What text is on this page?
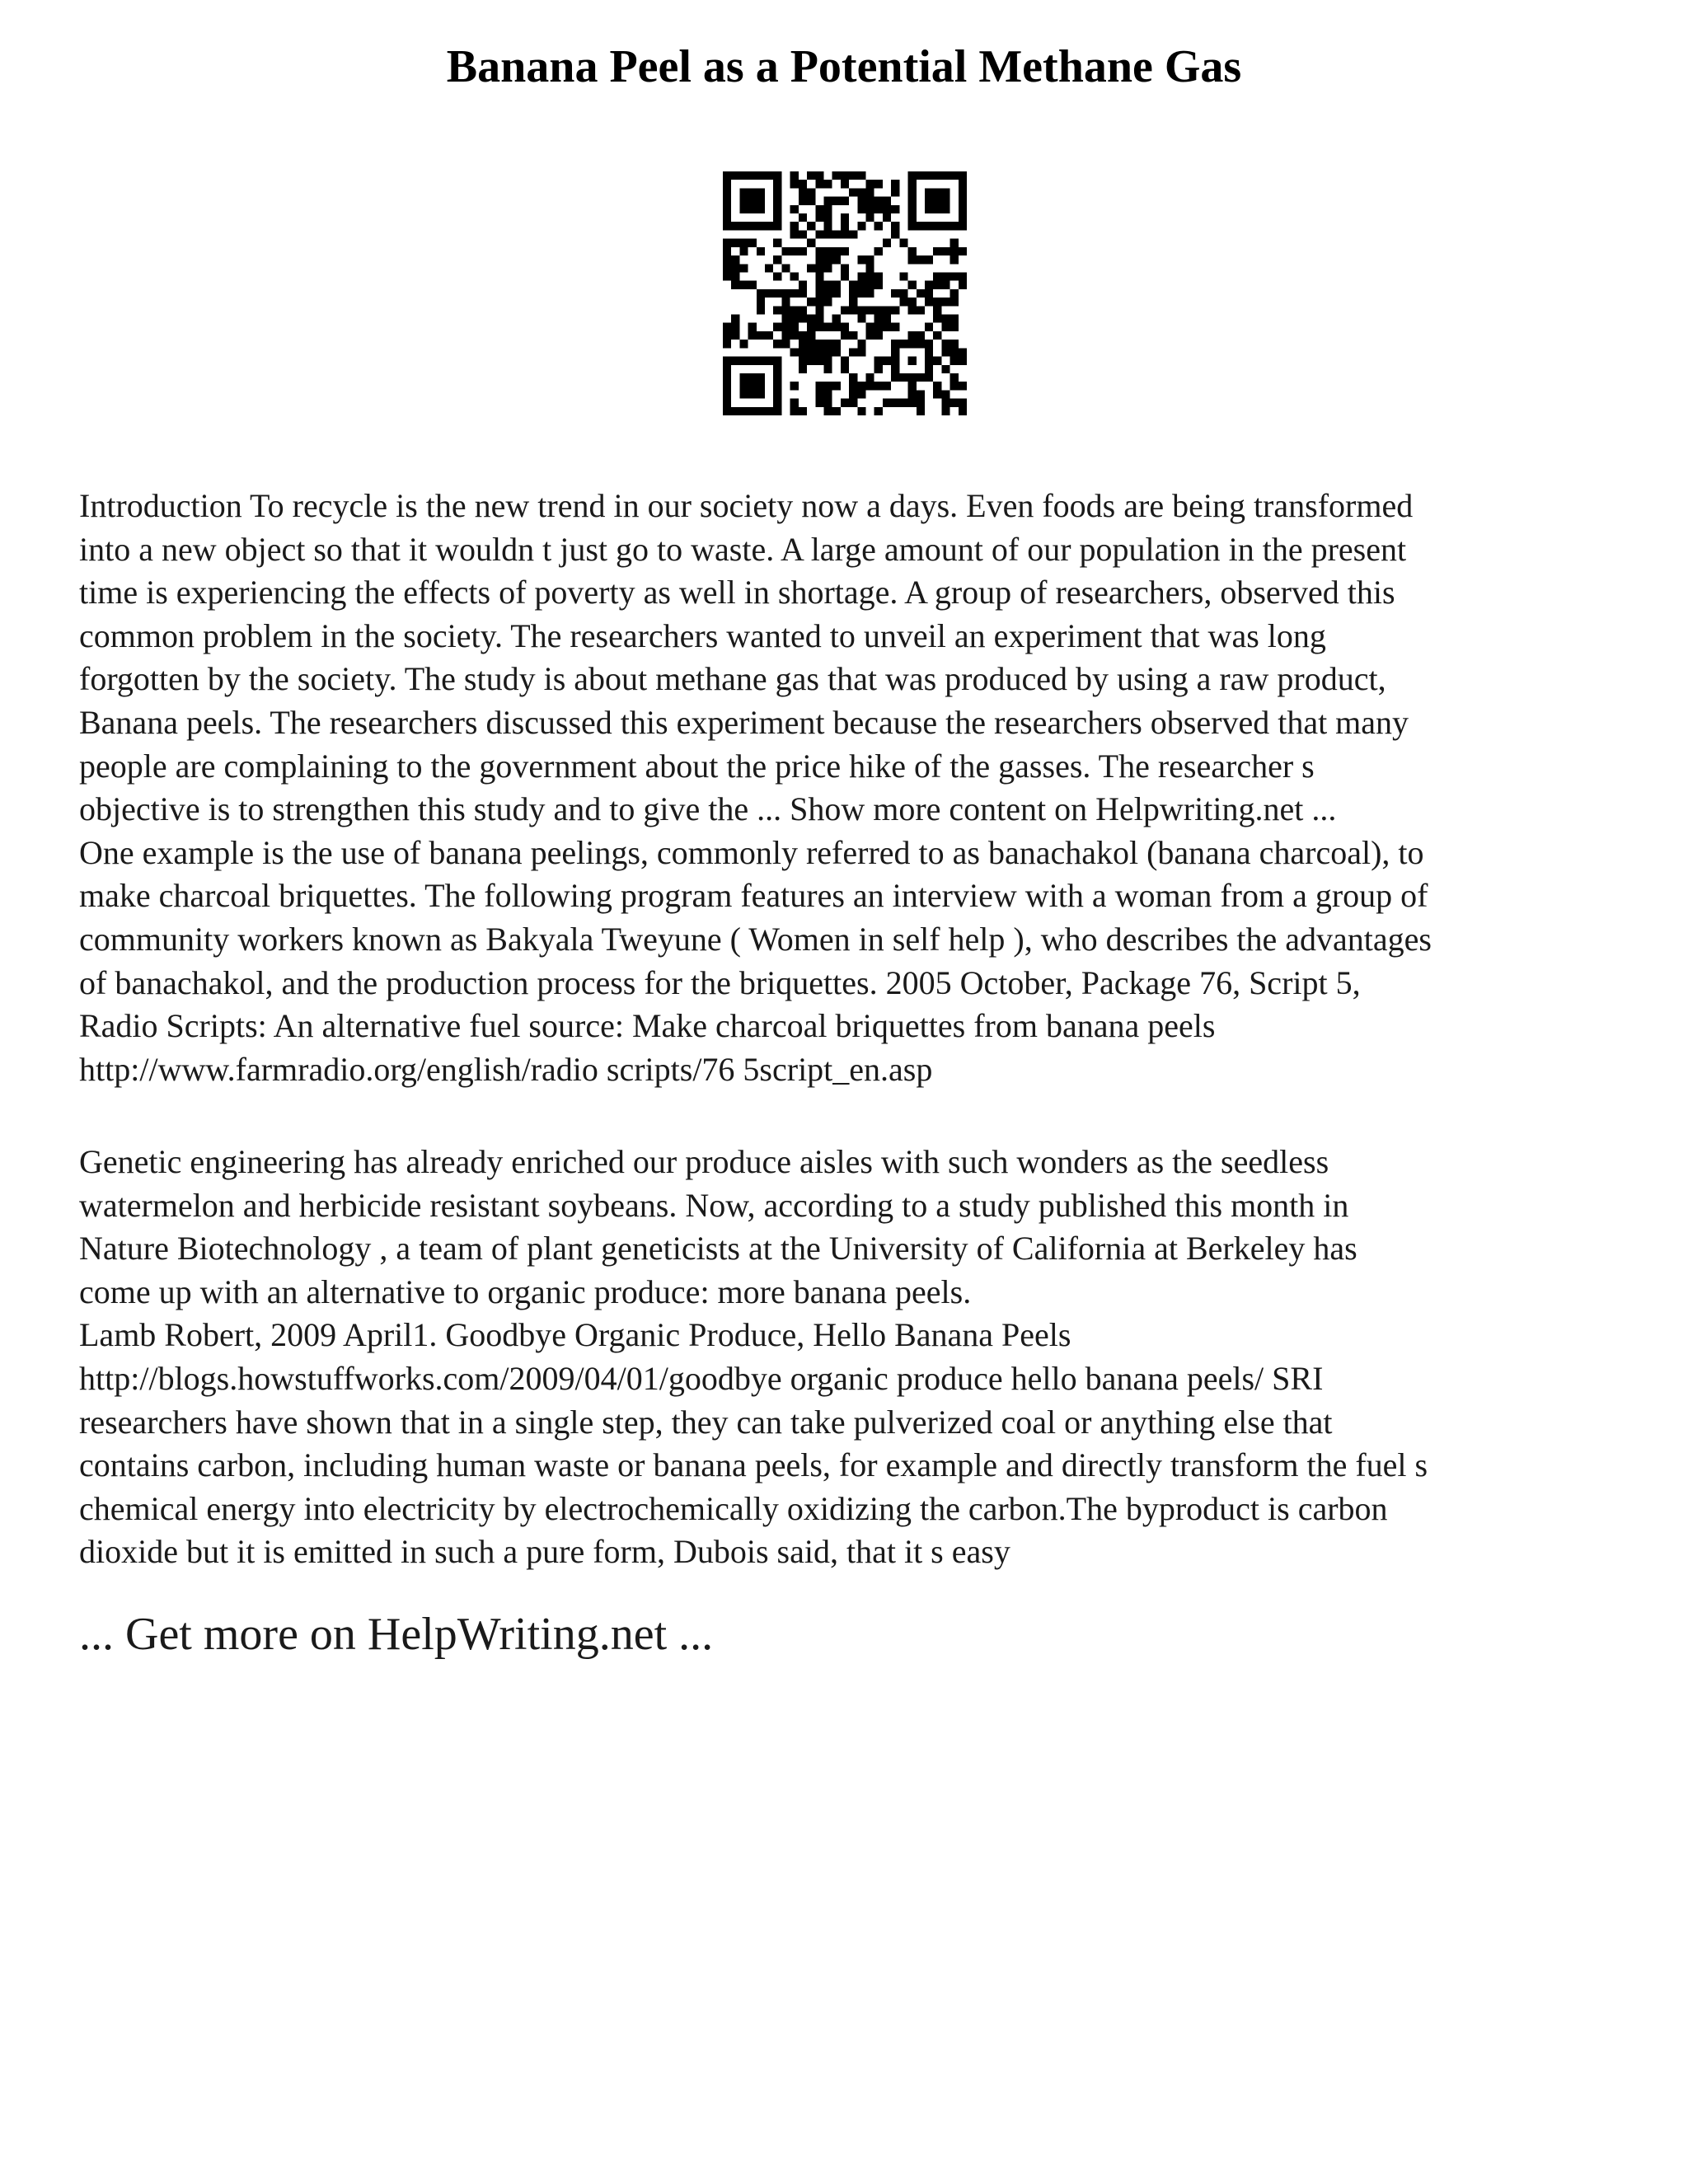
Banana Peel as a Potential Methane Gas
Introduction To recycle is the new trend in our society now a days. Even foods are being transformed
into a new object so that it wouldn t just go to waste. A large amount of our population in the present
time is experiencing the effects of poverty as well in shortage. A group of researchers, observed this
common problem in the society. The researchers wanted to unveil an experiment that was long
forgotten by the society. The study is about methane gas that was produced by using a raw product,
Banana peels. The researchers discussed this experiment because the researchers observed that many
people are complaining to the government about the price hike of the gasses. The researcher s
objective is to strengthen this study and to give the ... Show more content on Helpwriting.net ...
One example is the use of banana peelings, commonly referred to as banachakol (banana charcoal), to
make charcoal briquettes. The following program features an interview with a woman from a group of
community workers known as Bakyala Tweyune ( Women in self help ), who describes the advantages
of banachakol, and the production process for the briquettes. 2005 October, Package 76, Script 5,
Radio Scripts: An alternative fuel source: Make charcoal briquettes from banana peels
http://www.farmradio.org/english/radio scripts/76 5script_en.asp
Genetic engineering has already enriched our produce aisles with such wonders as the seedless
watermelon and herbicide resistant soybeans. Now, according to a study published this month in
Nature Biotechnology , a team of plant geneticists at the University of California at Berkeley has
come up with an alternative to organic produce: more banana peels.
Lamb Robert, 2009 April1. Goodbye Organic Produce, Hello Banana Peels
http://blogs.howstuffworks.com/2009/04/01/goodbye organic produce hello banana peels/ SRI
researchers have shown that in a single step, they can take pulverized coal or anything else that
contains carbon, including human waste or banana peels, for example and directly transform the fuel s
chemical energy into electricity by electrochemically oxidizing the carbon.The byproduct is carbon
dioxide but it is emitted in such a pure form, Dubois said, that it s easy

... Get more on HelpWriting.net ...
